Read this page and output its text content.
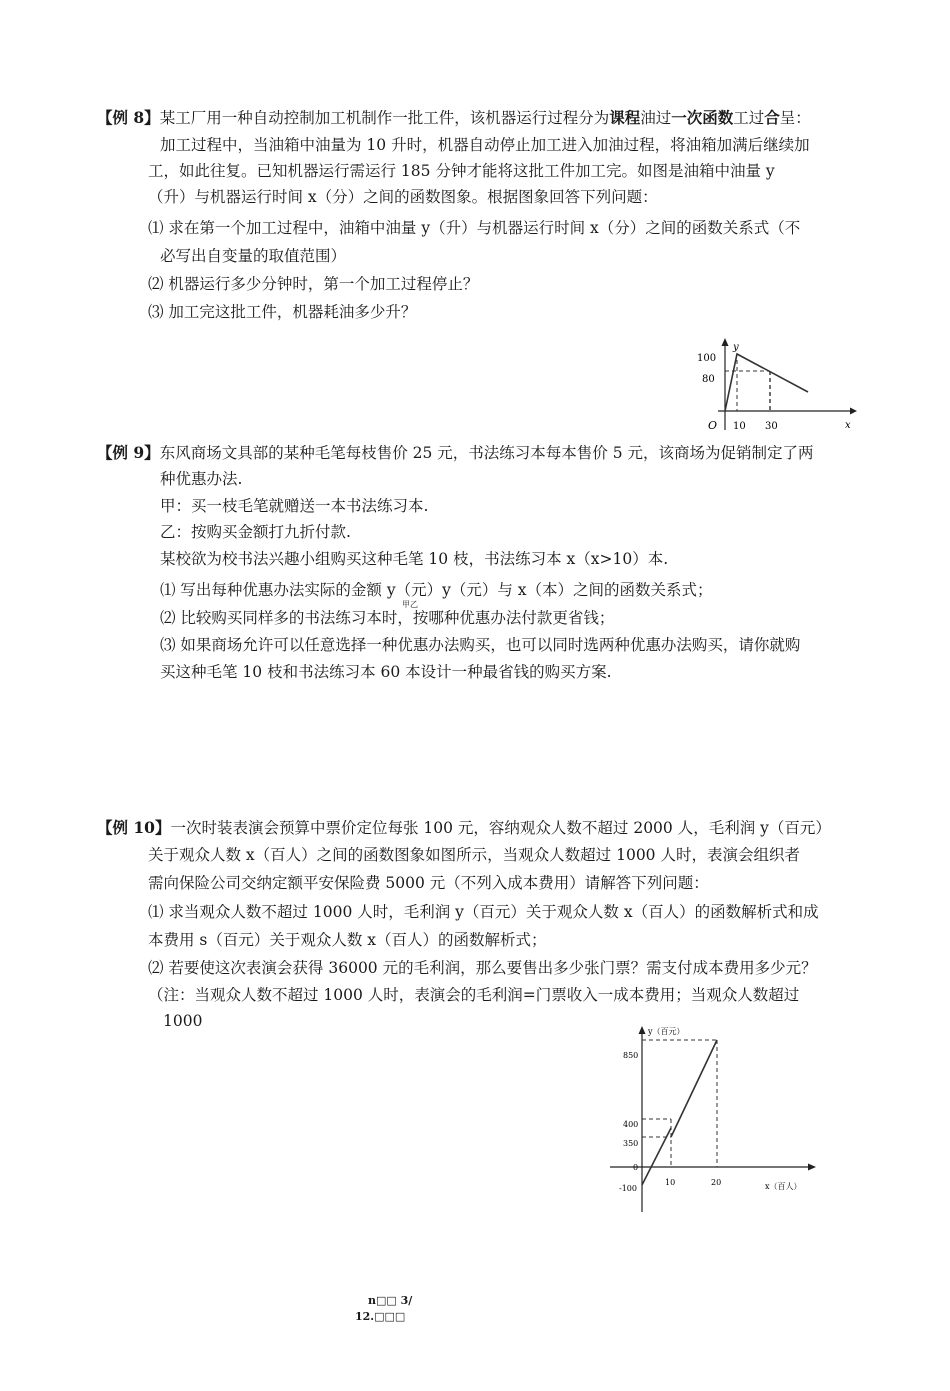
【例 8】某工厂用一种自动控制加工机制作一批工件，该机器运行过程分为课程油过一次函数工过合呈：
加工过程中，当油箱中油量为 10 升时，机器自动停止加工进入加油过程，将油箱加满后继续加
工，如此往复。已知机器运行需运行 185 分钟才能将这批工件加工完。如图是油箱中油量 y
（升）与机器运行时间 x（分）之间的函数图象。根据图象回答下列问题：
⑴ 求在第一个加工过程中，油箱中油量 y（升）与机器运行时间 x（分）之间的函数关系式（不
必写出自变量的取值范围）
⑵ 机器运行多少分钟时，第一个加工过程停止？
⑶ 加工完这批工件，机器耗油多少升？
y
100
80
O 10 30	x
【例 9】东风商场文具部的某种毛笔每枝售价 25 元，书法练习本每本售价 5 元，该商场为促销制定了两
种优惠办法.
甲：买一枝毛笔就赠送一本书法练习本.
乙：按购买金额打九折付款.
某校欲为校书法兴趣小组购买这种毛笔 10 枝，书法练习本 x（x>10）本.
⑴ 写出每种优惠办法实际的金额 y（元）y（元）与 x（本）之间的函数关系式；
甲乙
⑵ 比较购买同样多的书法练习本时，按哪种优惠办法付款更省钱；
⑶ 如果商场允许可以任意选择一种优惠办法购买，也可以同时选两种优惠办法购买，请你就购
买这种毛笔 10 枝和书法练习本 60 本设计一种最省钱的购买方案.
【例 10】一次时装表演会预算中票价定位每张 100 元，容纳观众人数不超过 2000 人，毛利润 y（百元）
关于观众人数 x（百人）之间的函数图象如图所示，当观众人数超过 1000 人时，表演会组织者
需向保险公司交纳定额平安保险费 5000 元（不列入成本费用）请解答下列问题：
⑴ 求当观众人数不超过 1000 人时，毛利润 y（百元）关于观众人数 x（百人）的函数解析式和成
本费用 s（百元）关于观众人数 x（百人）的函数解析式；
⑵ 若要使这次表演会获得 36000 元的毛利润，那么要售出多少张门票？需支付成本费用多少元？
（注：当观众人数不超过 1000 人时，表演会的毛利润=门票收入一成本费用；当观众人数超过
1000
y（百元）
850
400
350
0
-100
10	20	x（百人）
n□□ 3/
12.□□□
